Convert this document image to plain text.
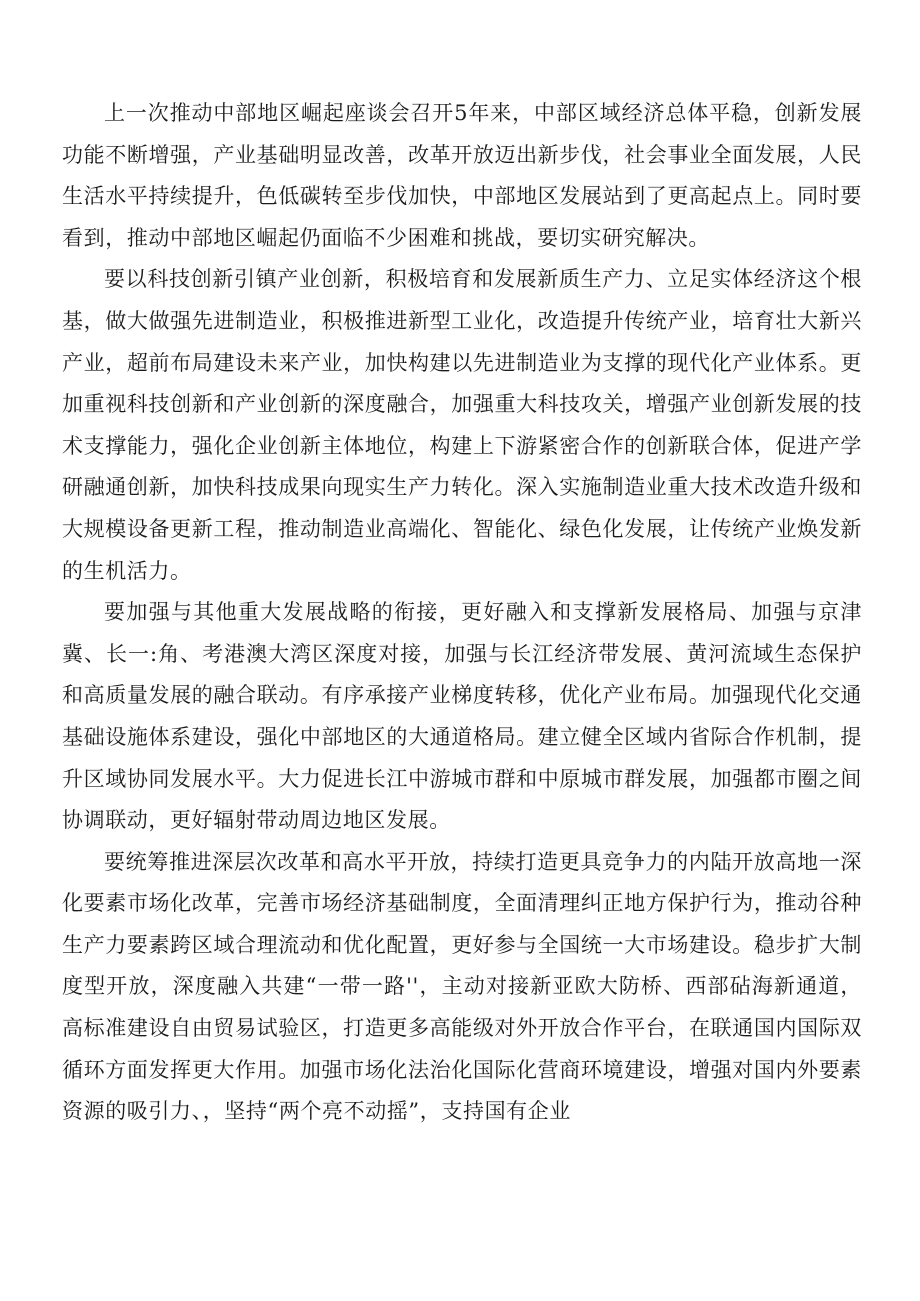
上一次推动中部地区崛起座谈会召开5年来，中部区域经济总体平稳，创新发展功能不断增强，产业基础明显改善，改革开放迈出新步伐，社会事业全面发展，人民生活水平持续提升，色低碳转至步伐加快，中部地区发展站到了更高起点上。同时要看到，推动中部地区崛起仍面临不少困难和挑战，要切实研究解决。

要以科技创新引镇产业创新，积极培育和发展新质生产力、立足实体经济这个根基，做大做强先进制造业，积极推进新型工业化，改造提升传统产业，培育壮大新兴产业，超前布局建设未来产业，加快构建以先进制造业为支撑的现代化产业体系。更加重视科技创新和产业创新的深度融合，加强重大科技攻关，增强产业创新发展的技术支撑能力，强化企业创新主体地位，构建上下游紧密合作的创新联合体，促进产学研融通创新，加快科技成果向现实生产力转化。深入实施制造业重大技术改造升级和大规模设备更新工程，推动制造业高端化、智能化、绿色化发展，让传统产业焕发新的生机活力。

要加强与其他重大发展战略的衔接，更好融入和支撑新发展格局、加强与京津冀、长一:角、考港澳大湾区深度对接，加强与长江经济带发展、黄河流域生态保护和高质量发展的融合联动。有序承接产业梯度转移，优化产业布局。加强现代化交通基础设施体系建设，强化中部地区的大通道格局。建立健全区域内省际合作机制，提升区域协同发展水平。大力促进长江中游城市群和中原城市群发展，加强都市圈之间协调联动，更好辐射带动周边地区发展。

要统筹推进深层次改革和高水平开放，持续打造更具竞争力的内陆开放高地一深化要素市场化改革，完善市场经济基础制度，全面清理纠正地方保护行为，推动谷种生产力要素跨区域合理流动和优化配置，更好参与全国统一大市场建设。稳步扩大制度型开放，深度融入共建“一带一路''，主动对接新亚欧大防桥、西部砧海新通道，高标准建设自由贸易试验区，打造更多高能级对外开放合作平台，在联通国内国际双循环方面发挥更大作用。加强市场化法治化国际化营商环境建设，增强对国内外要素资源的吸引力、，坚持“两个亮不动摇”，支持国有企业
